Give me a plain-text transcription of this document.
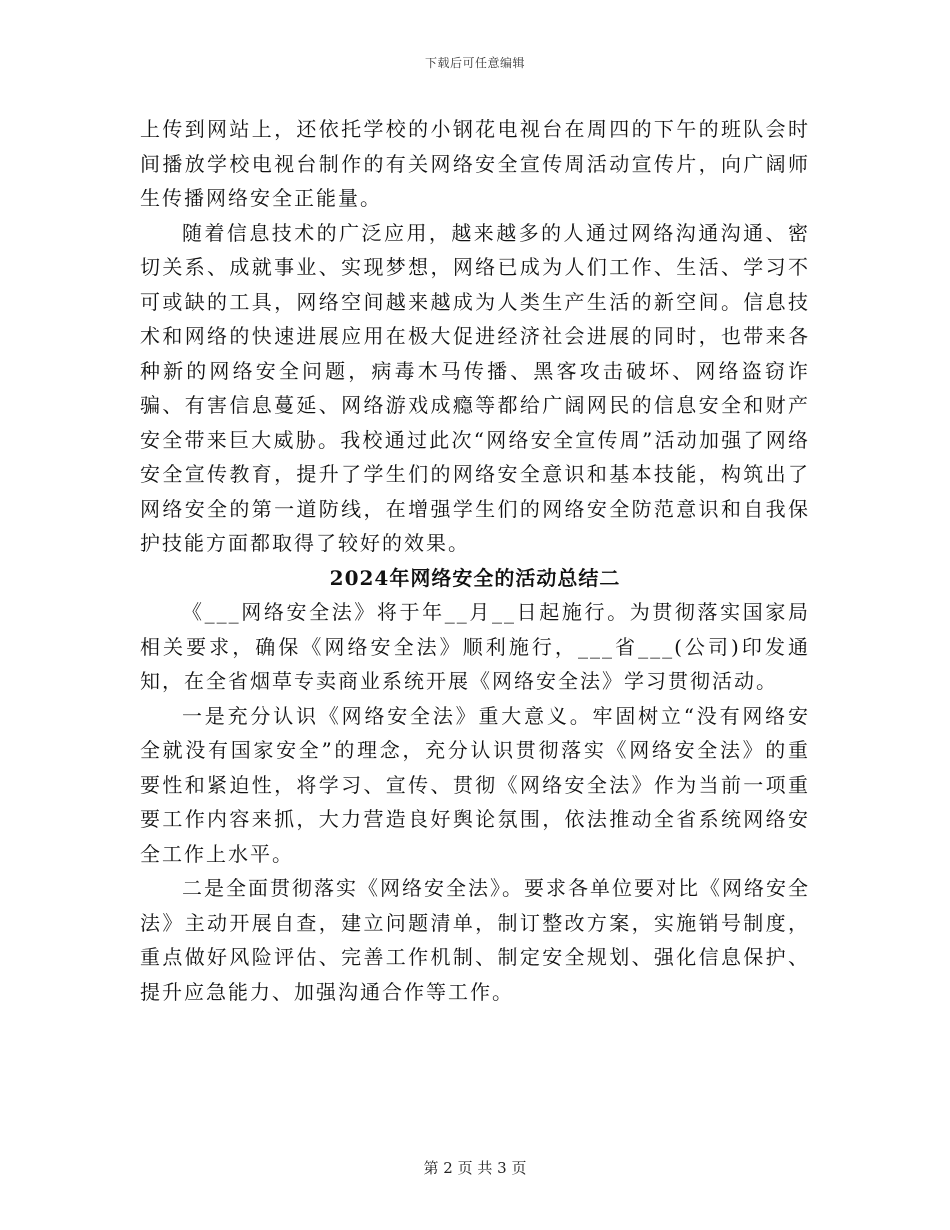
下载后可任意编辑

上传到网站上，还依托学校的小钢花电视台在周四的下午的班队会时间播放学校电视台制作的有关网络安全宣传周活动宣传片，向广阔师生传播网络安全正能量。

随着信息技术的广泛应用，越来越多的人通过网络沟通沟通、密切关系、成就事业、实现梦想，网络已成为人们工作、生活、学习不可或缺的工具，网络空间越来越成为人类生产生活的新空间。信息技术和网络的快速进展应用在极大促进经济社会进展的同时，也带来各种新的网络安全问题，病毒木马传播、黑客攻击破坏、网络盗窃诈骗、有害信息蔓延、网络游戏成瘾等都给广阔网民的信息安全和财产安全带来巨大威胁。我校通过此次“网络安全宣传周”活动加强了网络安全宣传教育，提升了学生们的网络安全意识和基本技能，构筑出了网络安全的第一道防线，在增强学生们的网络安全防范意识和自我保护技能方面都取得了较好的效果。

2024年网络安全的活动总结二

《___网络安全法》将于年__月__日起施行。为贯彻落实国家局相关要求，确保《网络安全法》顺利施行，___省___(公司)印发通知，在全省烟草专卖商业系统开展《网络安全法》学习贯彻活动。

一是充分认识《网络安全法》重大意义。牢固树立“没有网络安全就没有国家安全”的理念，充分认识贯彻落实《网络安全法》的重要性和紧迫性，将学习、宣传、贯彻《网络安全法》作为当前一项重要工作内容来抓，大力营造良好舆论氛围，依法推动全省系统网络安全工作上水平。

二是全面贯彻落实《网络安全法》。要求各单位要对比《网络安全法》主动开展自查，建立问题清单，制订整改方案，实施销号制度，重点做好风险评估、完善工作机制、制定安全规划、强化信息保护、提升应急能力、加强沟通合作等工作。

第 2 页 共 3 页
